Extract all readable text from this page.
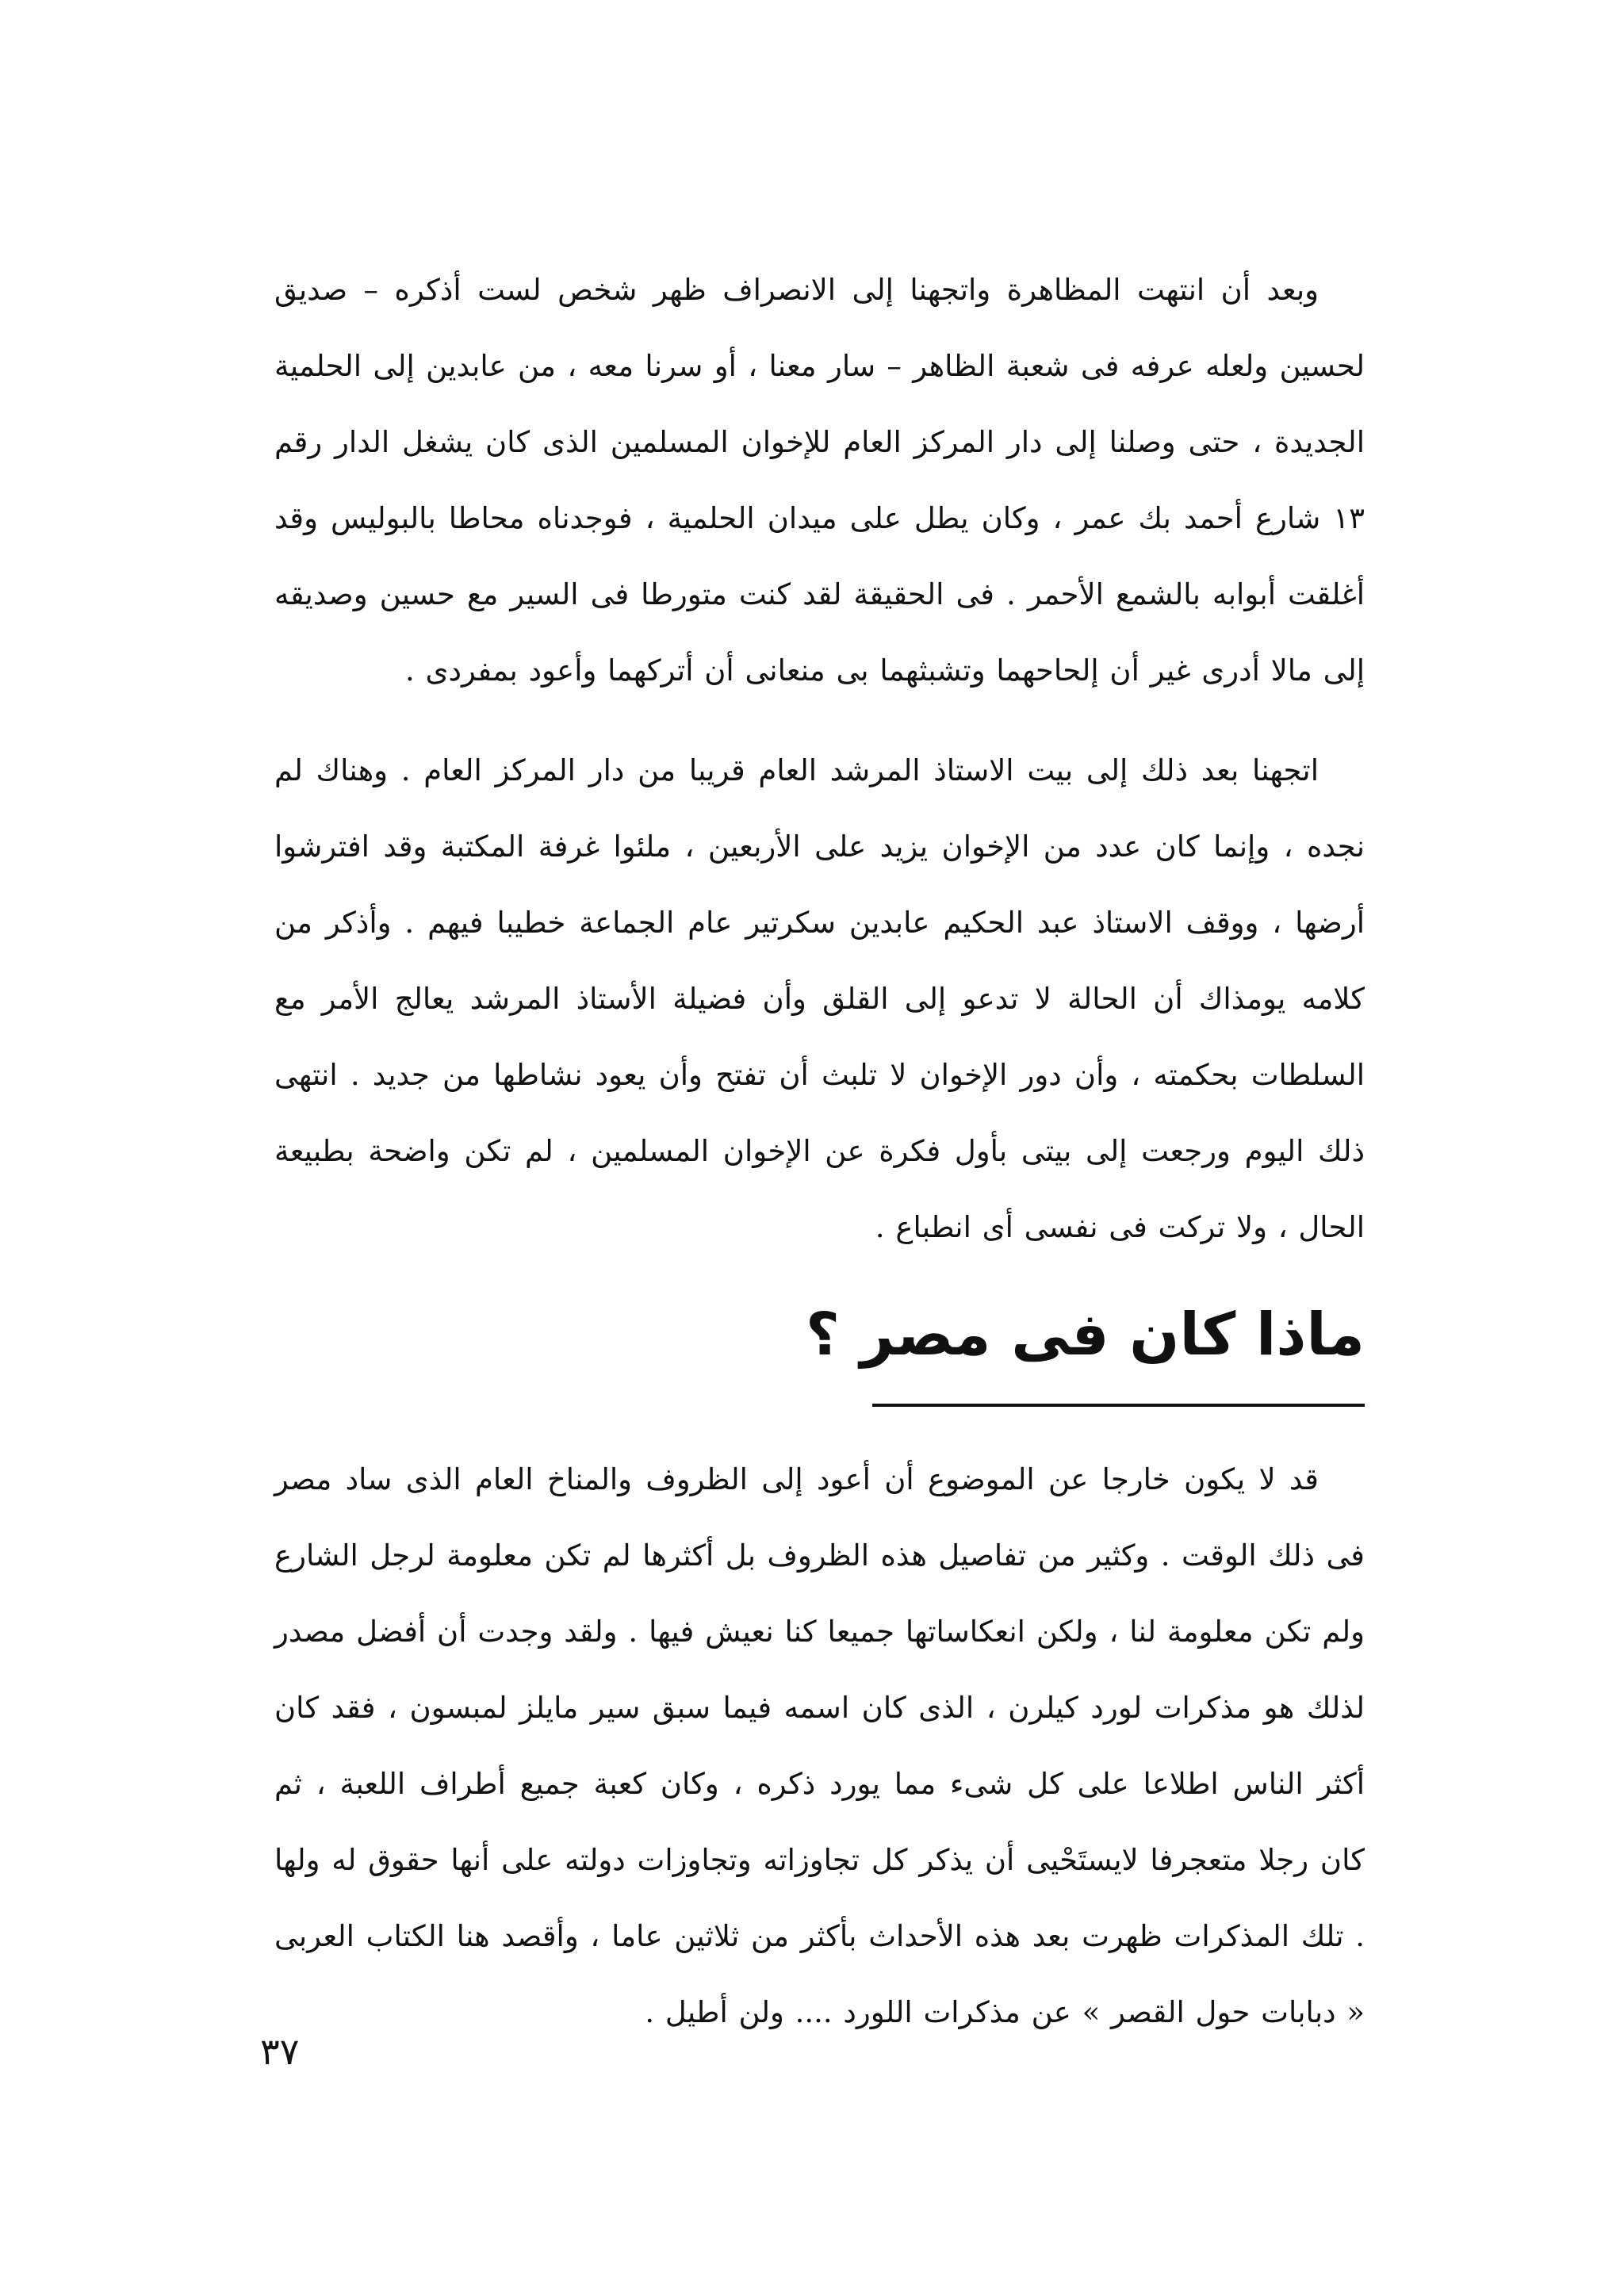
وبعد أن انتهت المظاهرة واتجهنا إلى الانصراف ظهر شخص لست أذكره – صديق لحسين ولعله عرفه فى شعبة الظاهر – سار معنا ، أو سرنا معه ، من عابدين إلى الحلمية الجديدة ، حتى وصلنا إلى دار المركز العام للإخوان المسلمين الذى كان يشغل الدار رقم ١٣ شارع أحمد بك عمر ، وكان يطل على ميدان الحلمية ، فوجدناه محاطا بالبوليس وقد أغلقت أبوابه بالشمع الأحمر . فى الحقيقة لقد كنت متورطا فى السير مع حسين وصديقه إلى مالا أدرى غير أن إلحاحهما وتشبثهما بى منعانى أن أتركهما وأعود بمفردى .

اتجهنا بعد ذلك إلى بيت الاستاذ المرشد العام قريبا من دار المركز العام . وهناك لم نجده ، وإنما كان عدد من الإخوان يزيد على الأربعين ، ملئوا غرفة المكتبة وقد افترشوا أرضها ، ووقف الاستاذ عبد الحكيم عابدين سكرتير عام الجماعة خطيبا فيهم . وأذكر من كلامه يومذاك أن الحالة لا تدعو إلى القلق وأن فضيلة الأستاذ المرشد يعالج الأمر مع السلطات بحكمته ، وأن دور الإخوان لا تلبث أن تفتح وأن يعود نشاطها من جديد . انتهى ذلك اليوم ورجعت إلى بيتى بأول فكرة عن الإخوان المسلمين ، لم تكن واضحة بطبيعة الحال ، ولا تركت فى نفسى أى انطباع .

ماذا كان فى مصر ؟

قد لا يكون خارجا عن الموضوع أن أعود إلى الظروف والمناخ العام الذى ساد مصر فى ذلك الوقت . وكثير من تفاصيل هذه الظروف بل أكثرها لم تكن معلومة لرجل الشارع ولم تكن معلومة لنا ، ولكن انعكاساتها جميعا كنا نعيش فيها . ولقد وجدت أن أفضل مصدر لذلك هو مذكرات لورد كيلرن ، الذى كان اسمه فيما سبق سير مايلز لمبسون ، فقد كان أكثر الناس اطلاعا على كل شىء مما يورد ذكره ، وكان كعبة جميع أطراف اللعبة ، ثم كان رجلا متعجرفا لايستَحْيى أن يذكر كل تجاوزاته وتجاوزات دولته على أنها حقوق له ولها . تلك المذكرات ظهرت بعد هذه الأحداث بأكثر من ثلاثين عاما ، وأقصد هنا الكتاب العربى « دبابات حول القصر » عن مذكرات اللورد .... ولن أطيل .

٣٧
